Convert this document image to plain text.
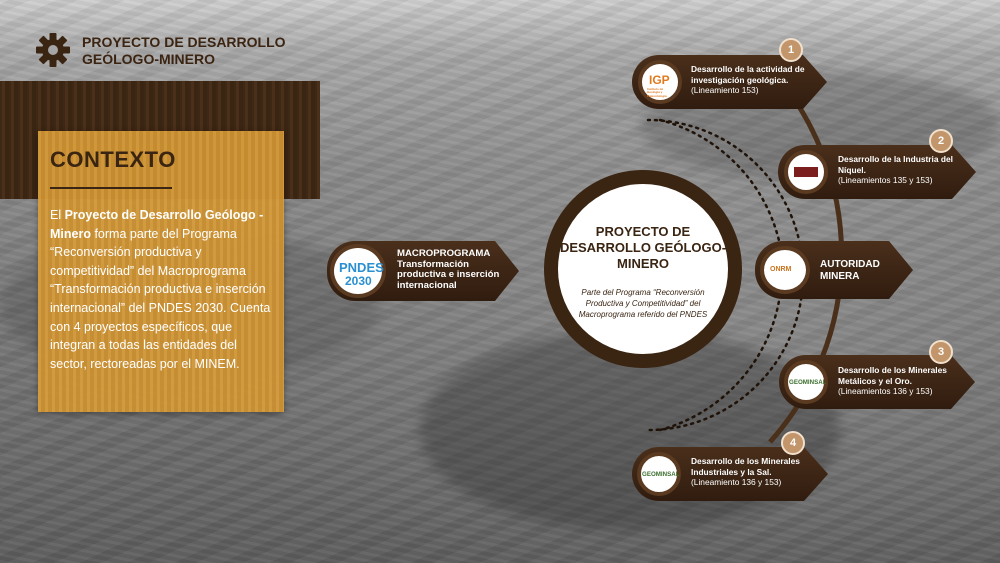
PROYECTO DE DESARROLLO GEÓLOGO-MINERO
CONTEXTO
El Proyecto de Desarrollo Geólogo - Minero forma parte del Programa “Reconversión productiva y competitividad” del Macroprograma “Transformación productiva e inserción internacional” del PNDES 2030. Cuenta con 4 proyectos específicos, que integran a todas las entidades del sector, rectoreadas por el MINEM.
PNDES
2030
MACROPROGRAMA
Transformación productiva e inserción internacional
PROYECTO DE DESARROLLO GEÓLOGO-MINERO
Parte del Programa “Reconversión Productiva y Competitividad” del Macroprograma referido del PNDES
IGP
Instituto de Geología y Paleontología
Desarrollo de la actividad de investigación geológica.
(Lineamiento 153)
1
Desarrollo de la Industria del Níquel.
(Lineamientos 135 y 153)
2
ONRM	AUTORIDAD MINERA
GEOMINSAL
Desarrollo de los Minerales Metálicos y el Oro.
(Lineamientos 136 y 153)
3
GEOMINSAL
Desarrollo de los Minerales Industriales y la Sal.
(Lineamiento 136 y 153)
4
